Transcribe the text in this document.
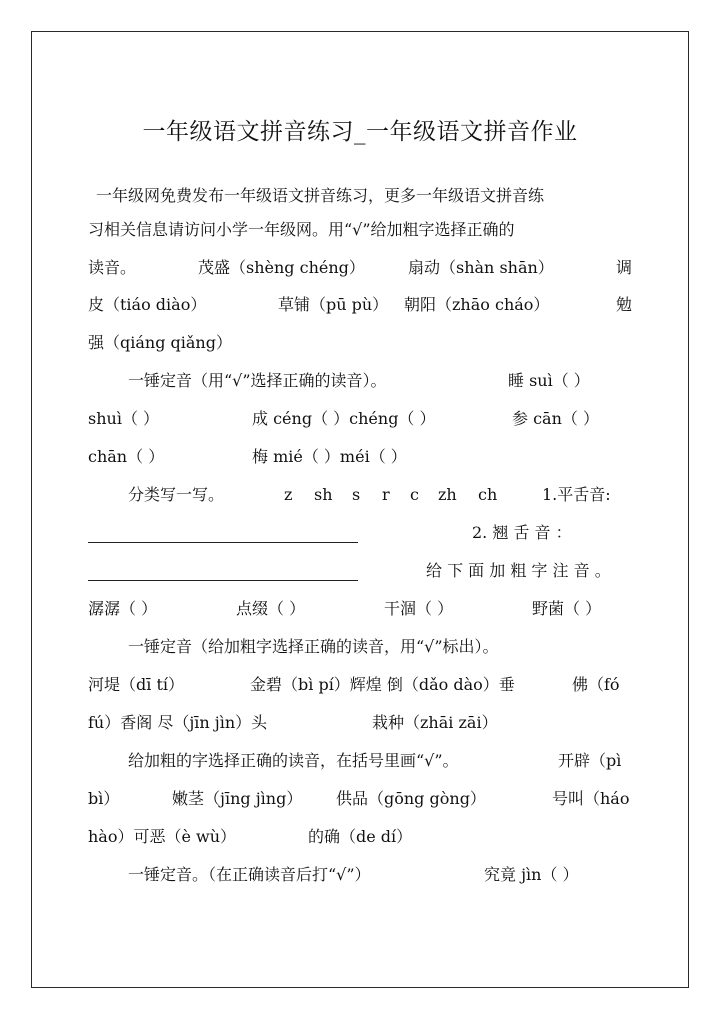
一年级语文拼音练习_一年级语文拼音作业
一年级网免费发布一年级语文拼音练习，更多一年级语文拼音练
习相关信息请访问小学一年级网。用“√”给加粗字选择正确的
读音。	茂盛（shèng chéng）	扇动（shàn shān）	调
皮（tiáo diào）	草铺（pū pù） 朝阳（zhāo cháo）	勉
强（qiáng qiǎng）
一锤定音（用“√”选择正确的读音）。	睡 suì（ ）
shuì（ ）	成 céng（ ）chéng（ ）	参 cān（ ）
chān（ ）	梅 mié（ ）méi（ ）
分类写一写。	z sh s r c zh ch	1.平舌音:
2. 翘 舌 音 ：
给 下 面 加 粗 字 注 音 。
潺潺（ ）	点缀（ ）	干涸（ ）	野菌（ ）
一锤定音（给加粗字选择正确的读音，用“√”标出）。
河堤（dī tí）	金碧（bì pí）辉煌 倒（dǎo dào）垂	佛（fó
fú）香阁 尽（jīn jìn）头	栽种（zhāi zāi）
给加粗的字选择正确的读音，在括号里画“√”。	开辟（pì
bì）	嫩茎（jīng jìng） 供品（gōng gòng）	号叫（háo
hào）可恶（è wù）	的确（de dí）
一锤定音。（在正确读音后打“√”）	究竟 jìn（ ）
